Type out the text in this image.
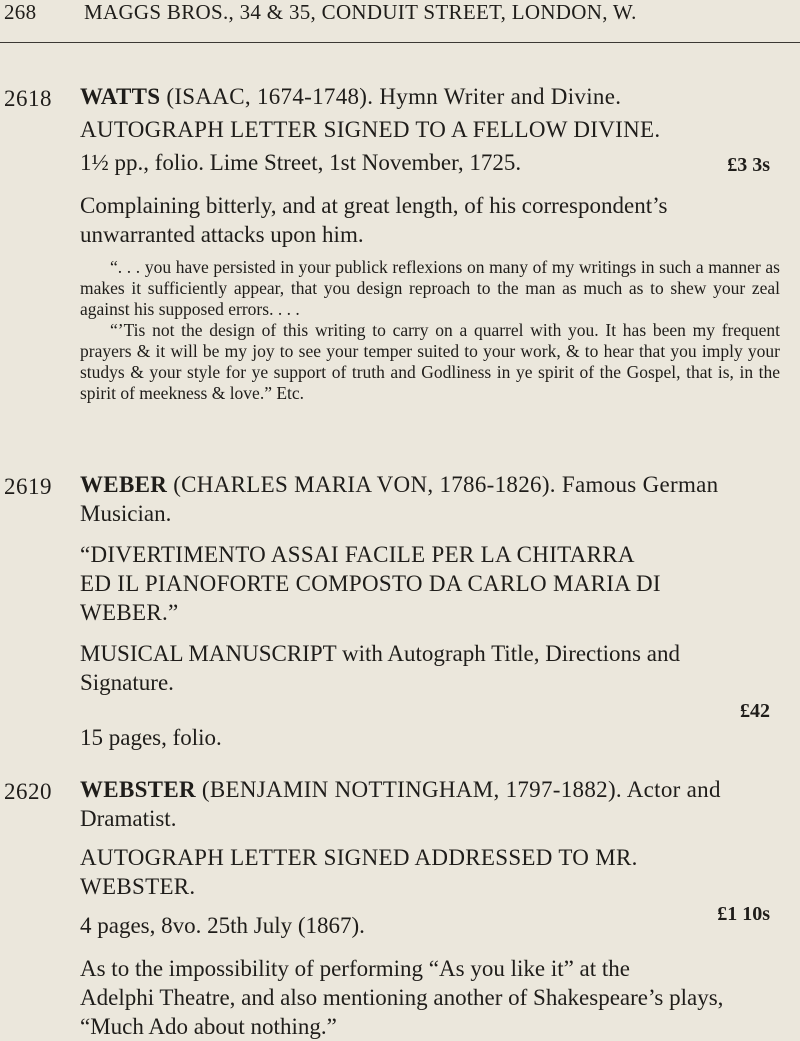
268 MAGGS BROS., 34 & 35, CONDUIT STREET, LONDON, W.
2618 WATTS (ISAAC, 1674-1748). Hymn Writer and Divine.

AUTOGRAPH LETTER SIGNED TO A FELLOW DIVINE.

1½ pp., folio. Lime Street, 1st November, 1725.	£3 3s

Complaining bitterly, and at great length, of his correspondent’s

unwarranted attacks upon him.

“. . . you have persisted in your publick reflexions on many of my writings in such a manner as makes it sufficiently appear, that you design reproach to the man as much as to shew your zeal against his supposed errors. . . .

“’Tis not the design of this writing to carry on a quarrel with you. It has been my frequent prayers & it will be my joy to see your temper suited to your work, & to hear that you imply your studys & your style for ye support of truth and Godliness in ye spirit of the Gospel, that is, in the spirit of meekness & love.” Etc.

2619 WEBER (CHARLES MARIA VON, 1786-1826). Famous German

Musician.

“DIVERTIMENTO ASSAI FACILE PER LA CHITARRA

ED IL PIANOFORTE COMPOSTO DA CARLO MARIA DI

WEBER.”

MUSICAL MANUSCRIPT with Autograph Title, Directions and

Signature.

15 pages, folio.

£42
2620 WEBSTER (BENJAMIN NOTTINGHAM, 1797-1882). Actor and

Dramatist.

AUTOGRAPH LETTER SIGNED ADDRESSED TO MR.

WEBSTER.

4 pages, 8vo. 25th July (1867).	£1 10s

As to the impossibility of performing “As you like it” at the

Adelphi Theatre, and also mentioning another of Shakespeare’s plays,

“Much Ado about nothing.”
